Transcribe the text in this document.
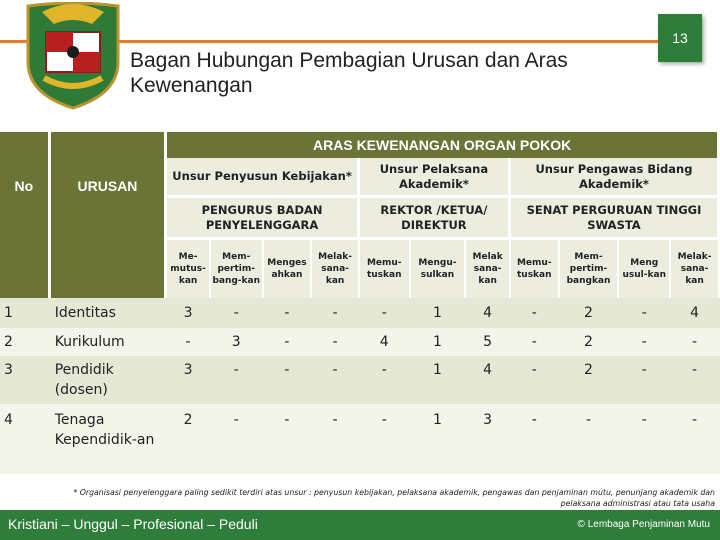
13
Bagan Hubungan Pembagian Urusan dan Aras Kewenangan
No	URUSAN	ARAS KEWENANGAN ORGAN POKOK										
		Unsur Penyusun Kebijakan*				Unsur Pelaksana Akademik*			Unsur Pengawas Bidang Akademik*			
		PENGURUS BADAN PENYELENGGARA				REKTOR /KETUA/ DIREKTUR			SENAT PERGURUAN TINGGI SWASTA			
		Me-mutus-kan	Mem-pertim-bang-kan	Menges ahkan	Melak-sana-kan	Memu-tuskan	Mengu-sulkan	Melak sana-kan	Memu-tuskan	Mem-pertim-bangkan	Meng usul-kan	Melak-sana-kan
1	Identitas	3	-	-	-	-	1	4	-	2	-	4
2	Kurikulum	-	3	-	-	4	1	5	-	2	-	-
3	Pendidik (dosen)	3	-	-	-	-	1	4	-	2	-	-
4	Tenaga Kependidik-an	2	-	-	-	-	1	3	-	-	-	-
* Organisasi penyelenggara paling sedikit terdiri atas unsur : penyusun kebijakan, pelaksana akademik, pengawas dan penjaminan mutu, penunjang akademik dan pelaksana administrasi atau tata usaha
Kristiani – Unggul – Profesional – Peduli	© Lembaga Penjaminan Mutu
